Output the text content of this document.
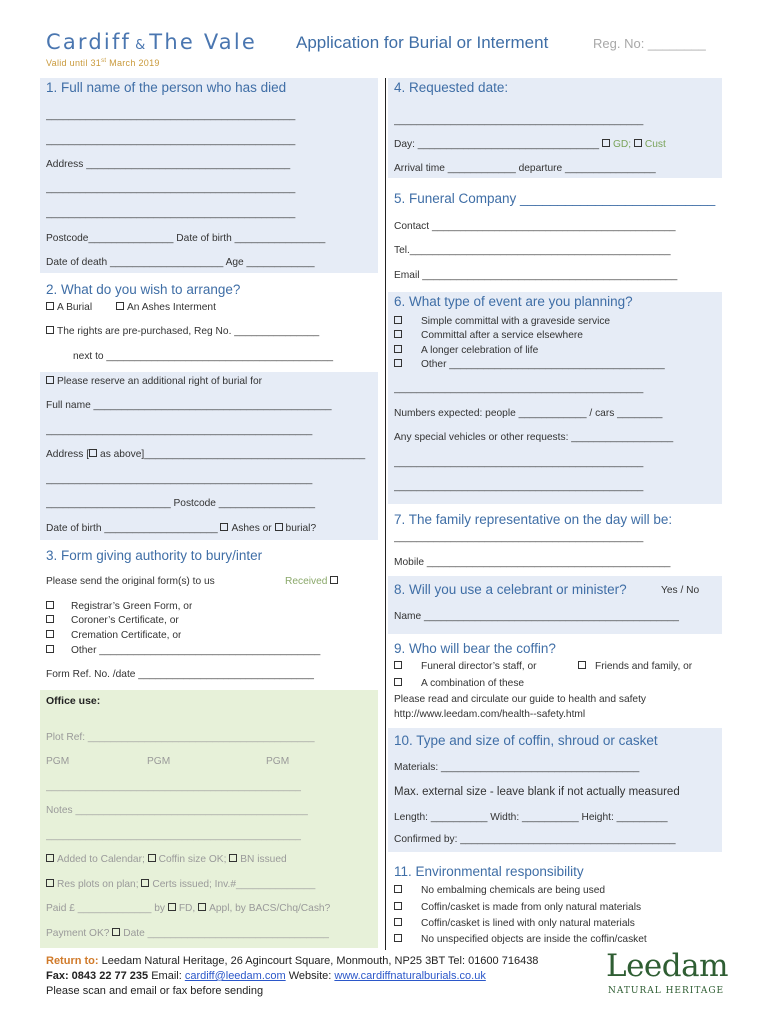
Cardiff & The Vale Application for Burial or Interment	Reg. No: ________
Valid until 31st March 2019
1. Full name of the person who has died
____________________________________________
____________________________________________
Address ____________________________________
____________________________________________
____________________________________________
Postcode_______________ Date of birth ________________
Date of death ____________________ Age ____________
2. What do you wish to arrange?
A Burial	An Ashes Interment
The rights are pre-purchased, Reg No. _______________
next to ________________________________________
Please reserve an additional right of burial for
Full name __________________________________________
_______________________________________________
Address [ as above]_______________________________________
_______________________________________________
______________________ Postcode _________________
Date of birth ____________________ Ashes or burial?
3. Form giving authority to bury/inter
Please send the original form(s) to us	Received
Registrar’s Green Form, or
Coroner’s Certificate, or
Cremation Certificate, or
Other _______________________________________
Form Ref. No. /date _______________________________
Office use:
Plot Ref: ________________________________________
PGM	PGM	PGM
_____________________________________________
Notes _________________________________________
_____________________________________________
Added to Calendar; Coffin size OK; BN issued
Res plots on plan; Certs issued; Inv.#______________
Paid £ _____________ by FD, Appl, by BACS/Chq/Cash?
Payment OK? Date ________________________________
4. Requested date:
____________________________________________
Day: ________________________________ GD; Cust
Arrival time ____________ departure ________________
5. Funeral Company __________________________
Contact ___________________________________________
Tel.______________________________________________
Email _____________________________________________
6. What type of event are you planning?
Simple committal with a graveside service
Committal after a service elsewhere
A longer celebration of life
Other ______________________________________
____________________________________________
Numbers expected: people ____________ / cars ________
Any special vehicles or other requests: __________________
____________________________________________
____________________________________________
7. The family representative on the day will be:
____________________________________________
Mobile ___________________________________________
8. Will you use a celebrant or minister?	Yes / No
Name _____________________________________________
9. Who will bear the coffin?
Funeral director’s staff, or	Friends and family, or
A combination of these
Please read and circulate our guide to health and safety
http://www.leedam.com/health--safety.html
10. Type and size of coffin, shroud or casket
Materials: ___________________________________
Max. external size - leave blank if not actually measured
Length: __________ Width: __________ Height: _________
Confirmed by: ______________________________________
11. Environmental responsibility
No embalming chemicals are being used
Coffin/casket is made from only natural materials
Coffin/casket is lined with only natural materials
No unspecified objects are inside the coffin/casket
Return to: Leedam Natural Heritage, 26 Agincourt Square, Monmouth, NP25 3BT Tel: 01600 716438
Fax: 0843 22 77 235 Email: cardiff@leedam.com Website: www.cardiffnaturalburials.co.uk
Please scan and email or fax before sending
Leedam
NATURAL HERITAGE
